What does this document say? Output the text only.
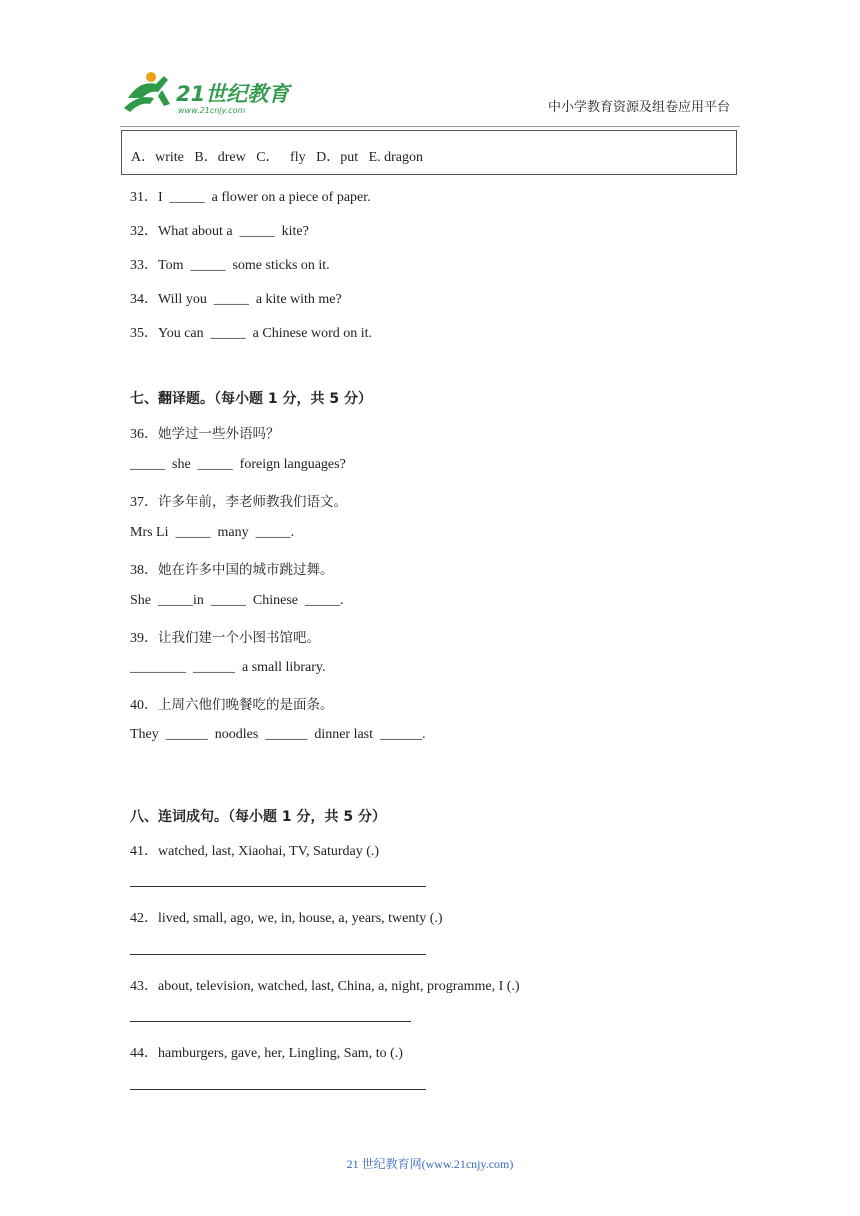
21世纪教育
www.21cnjy.com	中小学教育资源及组卷应用平台
A．write   B．drew   C．   fly   D．put   E. dragon
31．I  _____  a flower on a piece of paper.
32．What about a  _____  kite?
33．Tom  _____  some sticks on it.
34．Will you  _____  a kite with me?
35．You can  _____  a Chinese word on it.
七、翻译题。（每小题 1 分，共 5 分）
36．她学过一些外语吗？
_____  she  _____  foreign languages?
37．许多年前，李老师教我们语文。
Mrs Li  _____  many  _____.
38．她在许多中国的城市跳过舞。
She  _____in  _____  Chinese  _____.
39．让我们建一个小图书馆吧。
________  ______  a small library.
40．上周六他们晚餐吃的是面条。
They  ______  noodles  ______  dinner last  ______.
八、连词成句。（每小题 1 分，共 5 分）
41．watched, last, Xiaohai, TV, Saturday (.)
42．lived, small, ago, we, in, house, a, years, twenty (.)
43．about, television, watched, last, China, a, night, programme, I (.)
44．hamburgers, gave, her, Lingling, Sam, to (.)
21 世纪教育网(www.21cnjy.com)
